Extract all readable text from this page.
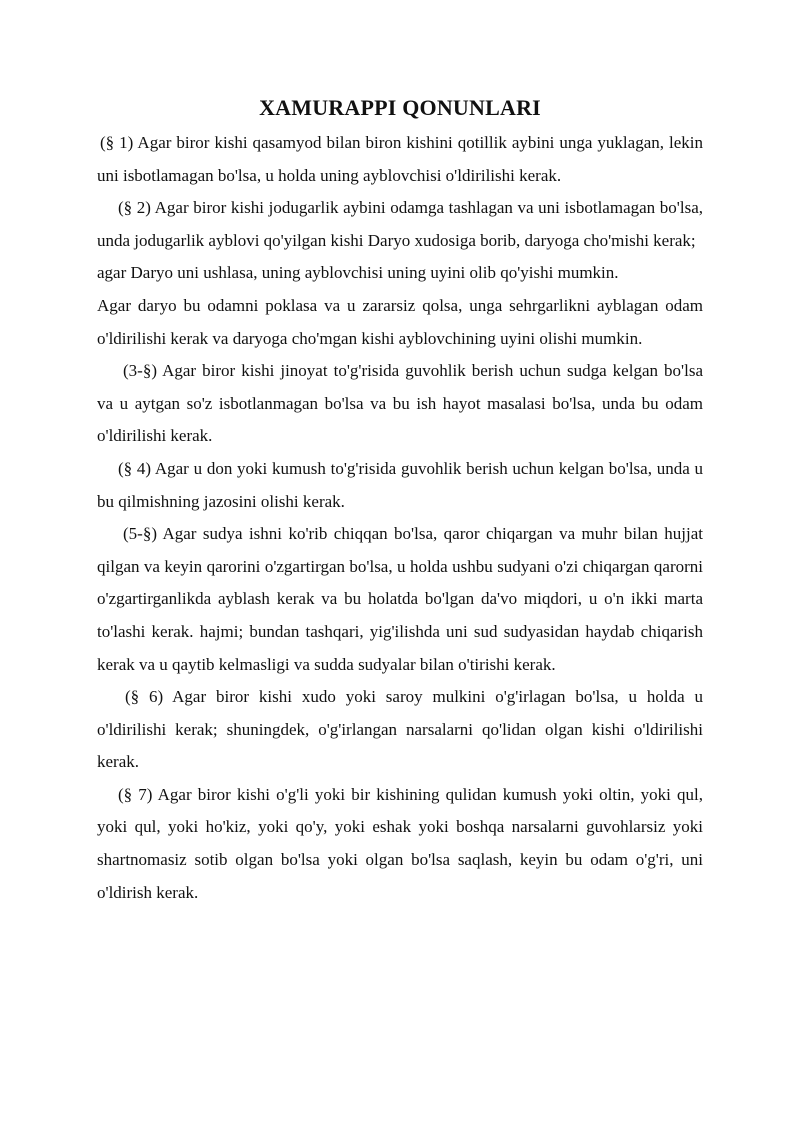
XAMURAPPI QONUNLARI

(§ 1) Agar biror kishi qasamyod bilan biron kishini qotillik aybini unga yuklagan, lekin uni isbotlamagan bo'lsa, u holda uning ayblovchisi o'ldirilishi kerak.

(§ 2) Agar biror kishi jodugarlik aybini odamga tashlagan va uni isbotlamagan bo'lsa, unda jodugarlik ayblovi qo'yilgan kishi Daryo xudosiga borib, daryoga cho'mishi kerak;

agar Daryo uni ushlasa, uning ayblovchisi uning uyini olib qo'yishi mumkin.

Agar daryo bu odamni poklasa va u zararsiz qolsa, unga sehrgarlikni ayblagan odam o'ldirilishi kerak va daryoga cho'mgan kishi ayblovchining uyini olishi mumkin.

(3-§) Agar biror kishi jinoyat to'g'risida guvohlik berish uchun sudga kelgan bo'lsa va u aytgan so'z isbotlanmagan bo'lsa va bu ish hayot masalasi bo'lsa, unda bu odam o'ldirilishi kerak.

(§ 4) Agar u don yoki kumush to'g'risida guvohlik berish uchun kelgan bo'lsa, unda u bu qilmishning jazosini olishi kerak.

(5-§) Agar sudya ishni ko'rib chiqqan bo'lsa, qaror chiqargan va muhr bilan hujjat qilgan va keyin qarorini o'zgartirgan bo'lsa, u holda ushbu sudyani o'zi chiqargan qarorni o'zgartirganlikda ayblash kerak va bu holatda bo'lgan da'vo miqdori, u o'n ikki marta to'lashi kerak. hajmi; bundan tashqari, yig'ilishda uni sud sudyasidan haydab chiqarish kerak va u qaytib kelmasligi va sudda sudyalar bilan o'tirishi kerak.

(§ 6) Agar biror kishi xudo yoki saroy mulkini o'g'irlagan bo'lsa, u holda u o'ldirilishi kerak; shuningdek, o'g'irlangan narsalarni qo'lidan olgan kishi o'ldirilishi kerak.

(§ 7) Agar biror kishi o'g'li yoki bir kishining qulidan kumush yoki oltin, yoki qul, yoki qul, yoki ho'kiz, yoki qo'y, yoki eshak yoki boshqa narsalarni guvohlarsiz yoki shartnomasiz sotib olgan bo'lsa yoki olgan bo'lsa saqlash, keyin bu odam o'g'ri, uni o'ldirish kerak.
